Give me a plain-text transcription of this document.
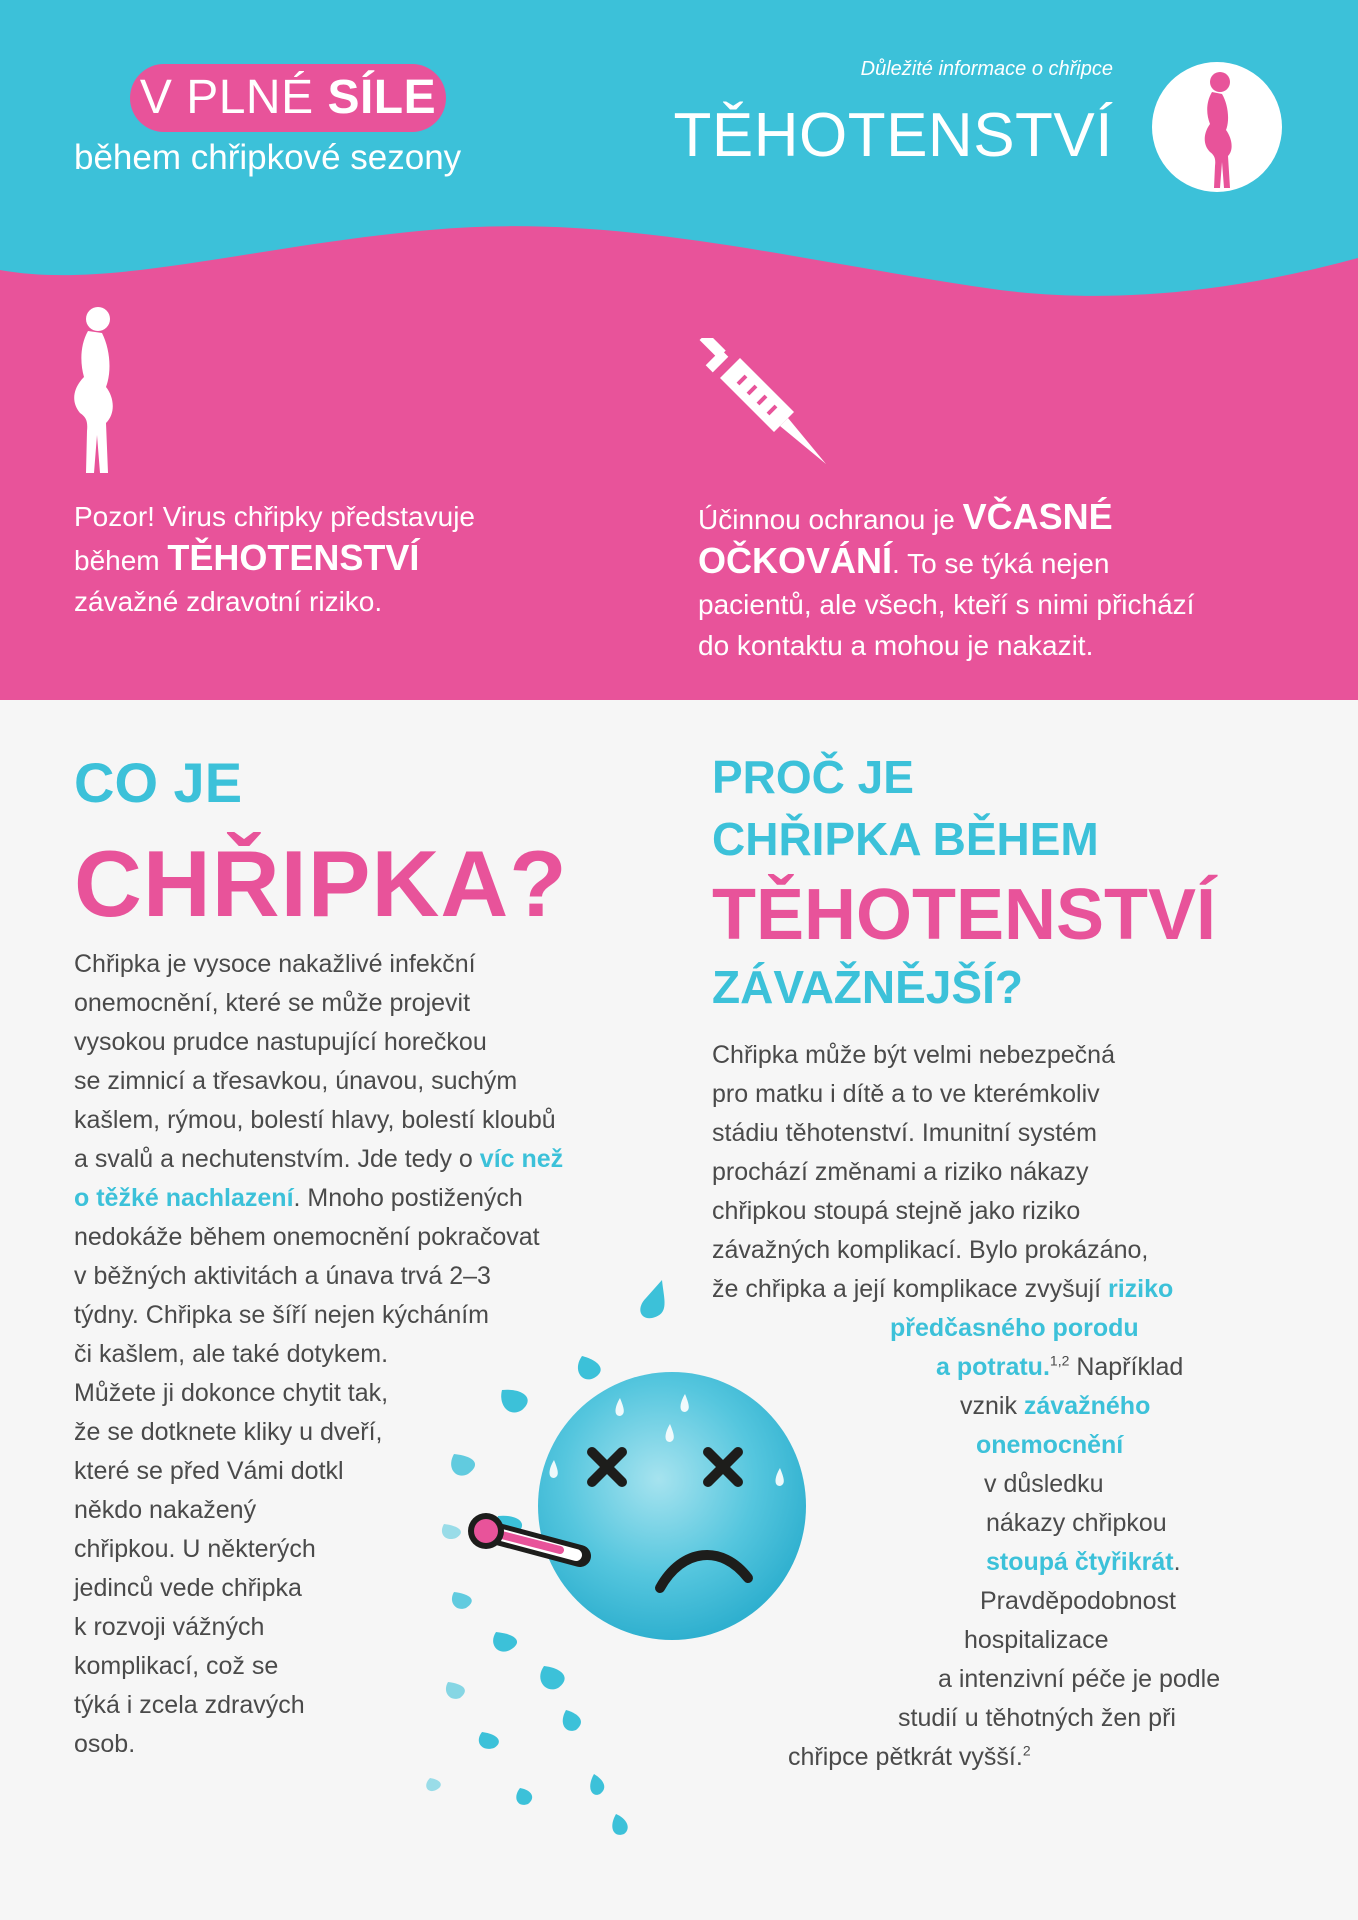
V PLNÉ SÍLE
během chřipkové sezony
Důležité informace o chřipce
TĚHOTENSTVÍ
Pozor! Virus chřipky představuje
během TĚHOTENSTVÍ
závažné zdravotní riziko.
Účinnou ochranou je VČASNÉ
OČKOVÁNÍ. To se týká nejen
pacientů, ale všech, kteří s nimi přichází
do kontaktu a mohou je nakazit.
CO JE
CHŘIPKA?
PROČ JE
CHŘIPKA BĚHEM
TĚHOTENSTVÍ
ZÁVAŽNĚJŠÍ?
Chřipka je vysoce nakažlivé infekční
onemocnění, které se může projevit
vysokou prudce nastupující horečkou
se zimnicí a třesavkou, únavou, suchým
kašlem, rýmou, bolestí hlavy, bolestí kloubů
a svalů a nechutenstvím. Jde tedy o víc než
o těžké nachlazení. Mnoho postižených
nedokáže během onemocnění pokračovat
v běžných aktivitách a únava trvá 2–3
týdny. Chřipka se šíří nejen kýcháním
či kašlem, ale také dotykem.
Můžete ji dokonce chytit tak,
že se dotknete kliky u dveří,
které se před Vámi dotkl
někdo nakažený
chřipkou. U některých
jedinců vede chřipka
k rozvoji vážných
komplikací, což se
týká i zcela zdravých
osob.
Chřipka může být velmi nebezpečná
pro matku i dítě a to ve kterémkoliv
stádiu těhotenství. Imunitní systém
prochází změnami a riziko nákazy
chřipkou stoupá stejně jako riziko
závažných komplikací. Bylo prokázáno,
že chřipka a její komplikace zvyšují riziko
předčasného porodu
a potratu.$^{1,2}$ Například
vznik závažného
onemocnění
v důsledku
nákazy chřipkou
stoupá čtyřikrát.
Pravděpodobnost
hospitalizace
a intenzivní péče je podle
studií u těhotných žen při
chřipce pětkrát vyšší.$^2$
